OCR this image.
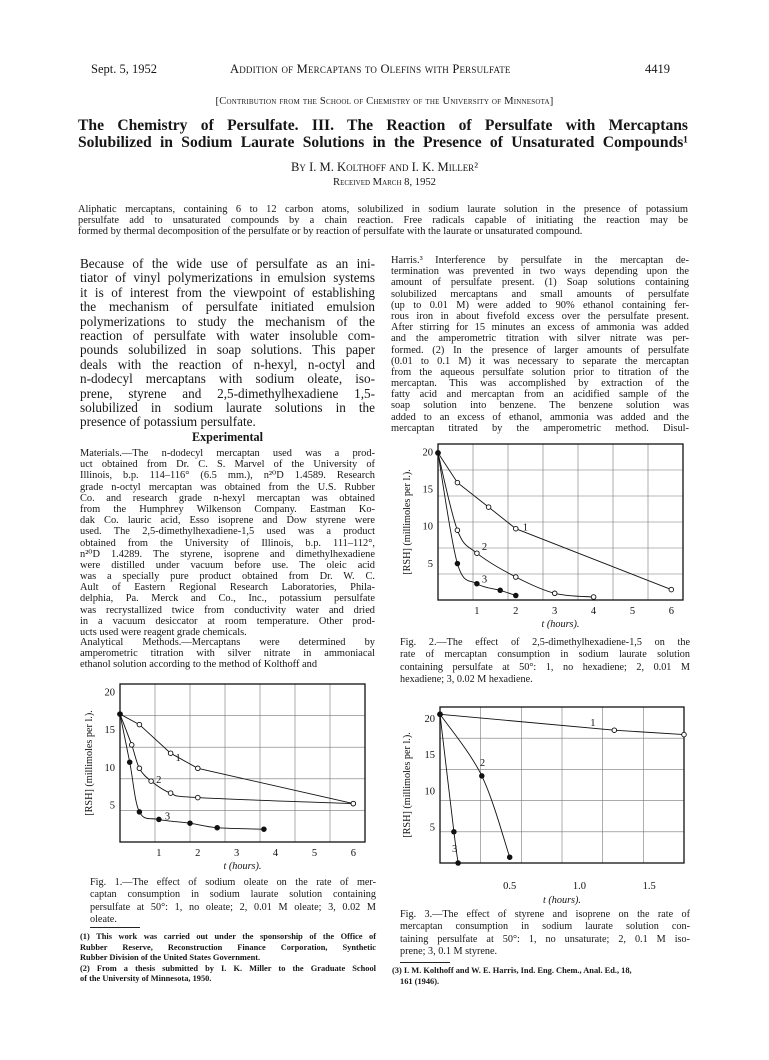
Sept. 5, 1952	Addition of Mercaptans to Olefins with Persulfate	4419
[Contribution from the School of Chemistry of the University of Minnesota]
The Chemistry of Persulfate. III. The Reaction of Persulfate with Mercaptans
Solubilized in Sodium Laurate Solutions in the Presence of Unsaturated Compounds¹
By I. M. Kolthoff and I. K. Miller²
Received March 8, 1952
Aliphatic mercaptans, containing 6 to 12 carbon atoms, solubilized in sodium laurate solution in the presence of potassium
persulfate add to unsaturated compounds by a chain reaction. Free radicals capable of initiating the reaction may be
formed by thermal decomposition of the persulfate or by reaction of persulfate with the laurate or unsaturated compound.
Because of the wide use of persulfate as an ini-
tiator of vinyl polymerizations in emulsion systems
it is of interest from the viewpoint of establishing
the mechanism of persulfate initiated emulsion
polymerizations to study the mechanism of the
reaction of persulfate with water insoluble com-
pounds solubilized in soap solutions. This paper
deals with the reaction of n-hexyl, n-octyl and
n-dodecyl mercaptans with sodium oleate, iso-
prene, styrene and 2,5-dimethylhexadiene 1,5-
solubilized in sodium laurate solutions in the
presence of potassium persulfate.
Experimental
Materials.—The n-dodecyl mercaptan used was a prod-
uct obtained from Dr. C. S. Marvel of the University of
Illinois, b.p. 114–116° (6.5 mm.), n²⁰D 1.4589. Research
grade n-octyl mercaptan was obtained from the U.S. Rubber
Co. and research grade n-hexyl mercaptan was obtained
from the Humphrey Wilkenson Company. Eastman Ko-
dak Co. lauric acid, Esso isoprene and Dow styrene were
used. The 2,5-dimethylhexadiene-1,5 used was a product
obtained from the University of Illinois, b.p. 111–112°,
n²⁰D 1.4289. The styrene, isoprene and dimethylhexadiene
were distilled under vacuum before use. The oleic acid
was a specially pure product obtained from Dr. W. C.
Ault of Eastern Regional Research Laboratories, Phila-
delphia, Pa. Merck and Co., Inc., potassium persulfate
was recrystallized twice from conductivity water and dried
in a vacuum desiccator at room temperature. Other prod-
ucts used were reagent grade chemicals.
Analytical Methods.—Mercaptans were determined by
amperometric titration with silver nitrate in ammoniacal
ethanol solution according to the method of Kolthoff and
Harris.³ Interference by persulfate in the mercaptan de-
termination was prevented in two ways depending upon the
amount of persulfate present. (1) Soap solutions containing
solubilized mercaptans and small amounts of persulfate
(up to 0.01 M) were added to 90% ethanol containing fer-
rous iron in about fivefold excess over the persulfate present.
After stirring for 15 minutes an excess of ammonia was added
and the amperometric titration with silver nitrate was per-
formed. (2) In the presence of larger amounts of persulfate
(0.01 to 0.1 M) it was necessary to separate the mercaptan
from the aqueous persulfate solution prior to titration of the
mercaptan. This was accomplished by extraction of the
fatty acid and mercaptan from an acidified sample of the
soap solution into benzene. The benzene solution was
added to an excess of ethanol, ammonia was added and the
mercaptan titrated by the amperometric method. Disul-
5
10
15
20
1	2	3	4	5	6
[RSH] (millimoles per l.).
t (hours).
1
2
3
5
10
15
20
1	2	3	4	5	6
[RSH] (millimoles per l.).
t (hours).
1
2
3
5
10
15
20
0.5	1.0	1.5
[RSH] (millimoles per l.).
t (hours).
1
2
3
Fig. 1.—The effect of sodium oleate on the rate of mer-
captan consumption in sodium laurate solution containing
persulfate at 50°: 1, no oleate; 2, 0.01 M oleate; 3, 0.02 M
oleate.
Fig. 2.—The effect of 2,5-dimethylhexadiene-1,5 on the
rate of mercaptan consumption in sodium laurate solution
containing persulfate at 50°: 1, no hexadiene; 2, 0.01 M
hexadiene; 3, 0.02 M hexadiene.
Fig. 3.—The effect of styrene and isoprene on the rate of
mercaptan consumption in sodium laurate solution con-
taining persulfate at 50°: 1, no unsaturate; 2, 0.1 M iso-
prene; 3, 0.1 M styrene.
(1) This work was carried out under the sponsorship of the Office of
Rubber Reserve, Reconstruction Finance Corporation, Synthetic
Rubber Division of the United States Government.
(2) From a thesis submitted by I. K. Miller to the Graduate School
of the University of Minnesota, 1950.
(3) I. M. Kolthoff and W. E. Harris, Ind. Eng. Chem., Anal. Ed., 18,
161 (1946).
